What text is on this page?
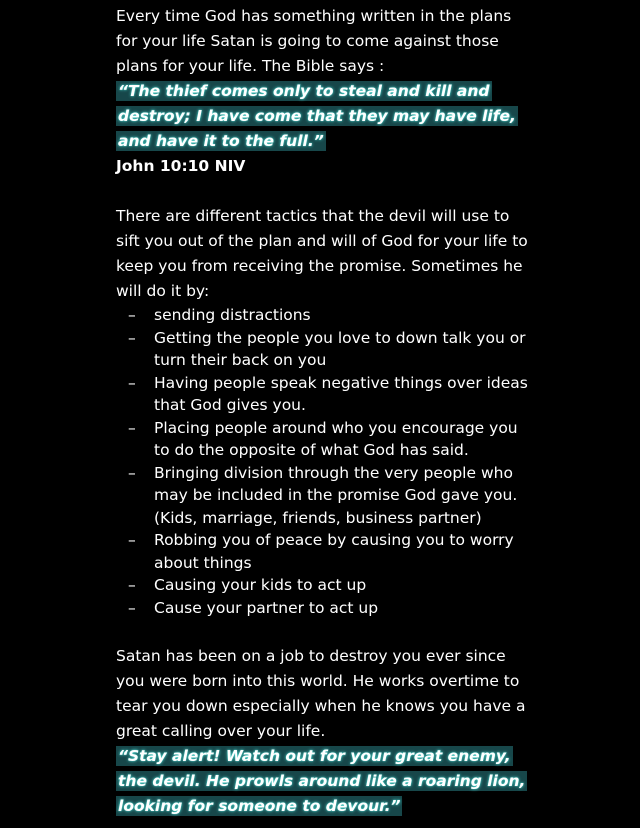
Every time God has something written in the plans for your life Satan is going to come against those plans for your life. The Bible says :

“The thief comes only to steal and kill and destroy; I have come that they may have life, and have it to the full.”

John 10:10 NIV

There are different tactics that the devil will use to sift you out of the plan and will of God for your life to keep you from receiving the promise. Sometimes he will do it by:

– sending distractions
– Getting the people you love to down talk you or turn their back on you
– Having people speak negative things over ideas that God gives you.
– Placing people around who you encourage you to do the opposite of what God has said.
– Bringing division through the very people who may be included in the promise God gave you. (Kids, marriage, friends, business partner)
– Robbing you of peace by causing you to worry about things
– Causing your kids to act up
– Cause your partner to act up

Satan has been on a job to destroy you ever since you were born into this world. He works overtime to tear you down especially when he knows you have a great calling over your life.

“Stay alert! Watch out for your great enemy, the devil. He prowls around like a roaring lion, looking for someone to devour.”
